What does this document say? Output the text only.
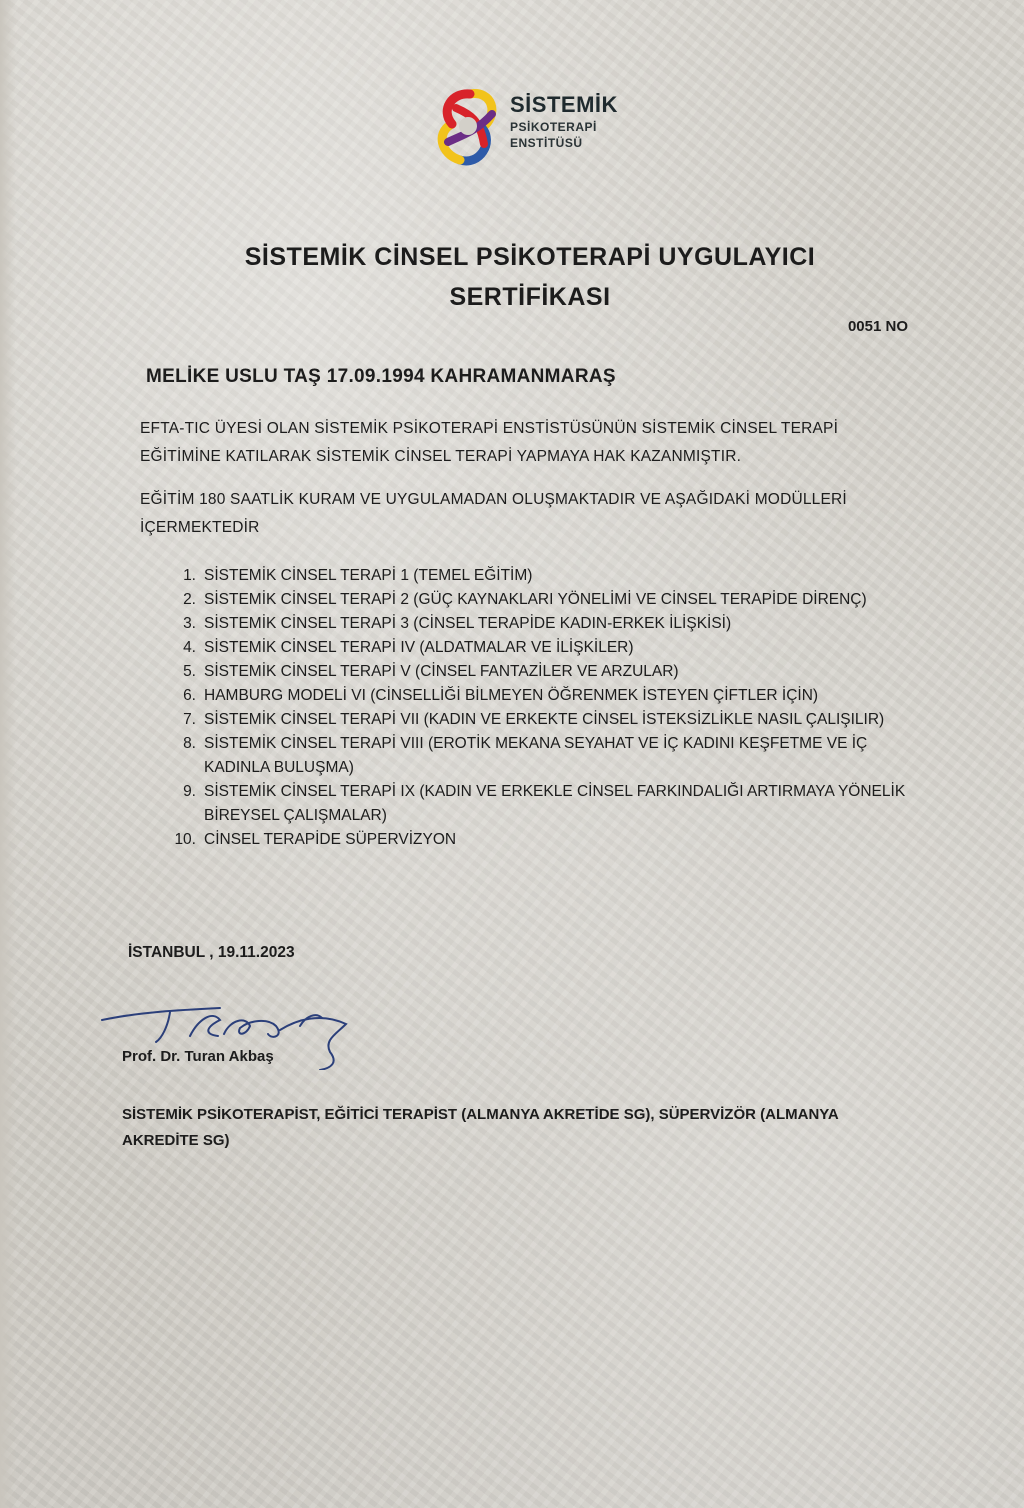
SİSTEMİK
PSİKOTERAPİ
ENSTİTÜSÜ
SİSTEMİK CİNSEL PSİKOTERAPİ UYGULAYICI
SERTİFİKASI
0051 NO
MELİKE USLU TAŞ 17.09.1994 KAHRAMANMARAŞ
EFTA-TIC ÜYESİ OLAN SİSTEMİK PSİKOTERAPİ ENSTİSTÜSÜNÜN SİSTEMİK CİNSEL TERAPİ EĞİTİMİNE KATILARAK SİSTEMİK CİNSEL TERAPİ YAPMAYA HAK KAZANMIŞTIR.
EĞİTİM 180 SAATLİK KURAM VE UYGULAMADAN OLUŞMAKTADIR VE AŞAĞIDAKİ MODÜLLERİ İÇERMEKTEDİR
1. SİSTEMİK CİNSEL TERAPİ 1 (TEMEL EĞİTİM)
2. SİSTEMİK CİNSEL TERAPİ 2 (GÜÇ KAYNAKLARI YÖNELİMİ VE CİNSEL TERAPİDE DİRENÇ)
3. SİSTEMİK CİNSEL TERAPİ 3 (CİNSEL TERAPİDE KADIN-ERKEK İLİŞKİSİ)
4. SİSTEMİK CİNSEL TERAPİ IV (ALDATMALAR VE İLİŞKİLER)
5. SİSTEMİK CİNSEL TERAPİ V (CİNSEL FANTAZİLER VE ARZULAR)
6. HAMBURG MODELİ VI (CİNSELLİĞİ BİLMEYEN ÖĞRENMEK İSTEYEN ÇİFTLER İÇİN)
7. SİSTEMİK CİNSEL TERAPİ VII (KADIN VE ERKEKTE CİNSEL İSTEKSİZLİKLE NASIL ÇALIŞILIR)
8. SİSTEMİK CİNSEL TERAPİ VIII (EROTİK MEKANA SEYAHAT VE İÇ KADINI KEŞFETME VE İÇ KADINLA BULUŞMA)
9. SİSTEMİK CİNSEL TERAPİ IX (KADIN VE ERKEKLE CİNSEL FARKINDALIĞI ARTIRMAYA YÖNELİK BİREYSEL ÇALIŞMALAR)
10. CİNSEL TERAPİDE SÜPERVİZYON
İSTANBUL , 19.11.2023
Prof. Dr. Turan Akbaş
SİSTEMİK PSİKOTERAPİST, EĞİTİCİ TERAPİST (ALMANYA AKRETİDE SG), SÜPERVİZÖR (ALMANYA AKREDİTE SG)
